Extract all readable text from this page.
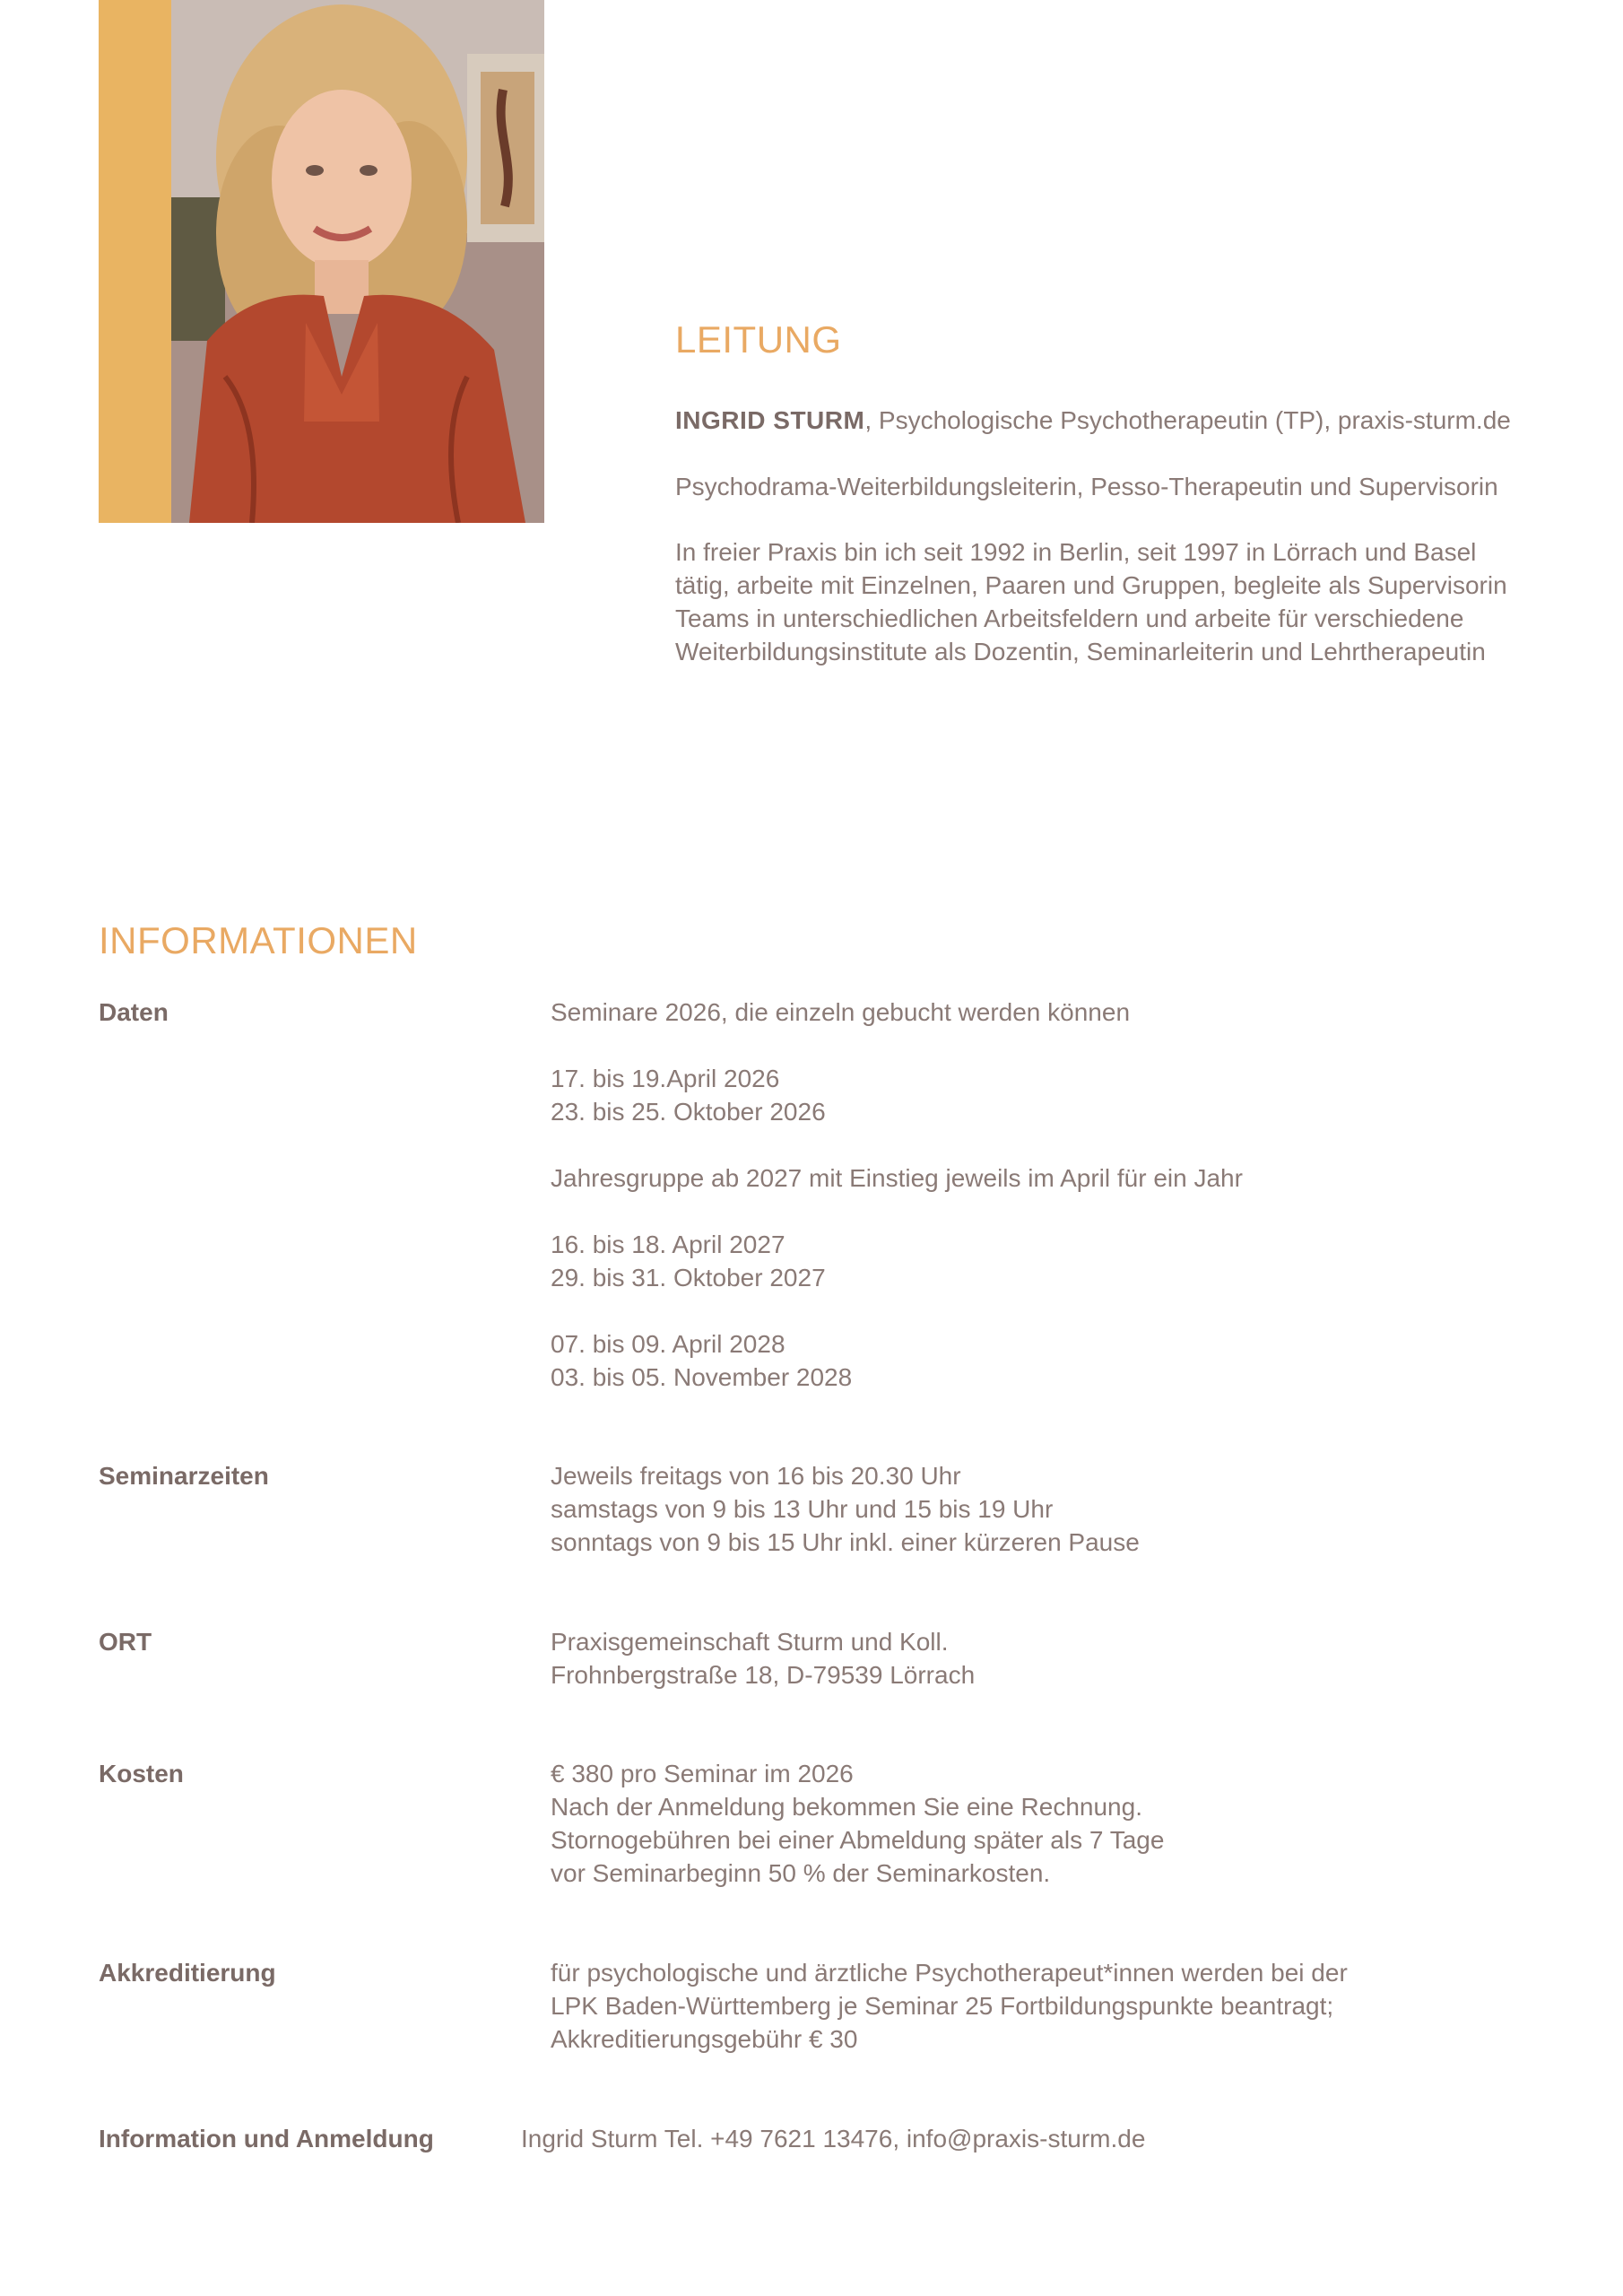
LEITUNG

INGRID STURM, Psychologische Psychotherapeutin (TP), praxis-sturm.de

Psychodrama-Weiterbildungsleiterin, Pesso-Therapeutin und Supervisorin

In freier Praxis bin ich seit 1992 in Berlin, seit 1997 in Lörrach und Basel
tätig, arbeite mit Einzelnen, Paaren und Gruppen, begleite als Supervisorin
Teams in unterschiedlichen Arbeitsfeldern und arbeite für verschiedene
Weiterbildungsinstitute als Dozentin, Seminarleiterin und Lehrtherapeutin
INFORMATIONEN
Daten	Seminare 2026, die einzeln gebucht werden können
17. bis 19.April 2026
23. bis 25. Oktober 2026
Jahresgruppe ab 2027 mit Einstieg jeweils im April für ein Jahr
16. bis 18. April 2027
29. bis 31. Oktober 2027
07. bis 09. April 2028
03. bis 05. November 2028
Seminarzeiten	Jeweils freitags von 16 bis 20.30 Uhr
samstags von 9 bis 13 Uhr und 15 bis 19 Uhr
sonntags von 9 bis 15 Uhr inkl. einer kürzeren Pause
ORT	Praxisgemeinschaft Sturm und Koll.
Frohnbergstraße 18, D-79539 Lörrach
Kosten	€ 380 pro Seminar im 2026
Nach der Anmeldung bekommen Sie eine Rechnung.
Stornogebühren bei einer Abmeldung später als 7 Tage
vor Seminarbeginn 50 % der Seminarkosten.
Akkreditierung	für psychologische und ärztliche Psychotherapeut*innen werden bei der
LPK Baden-Württemberg je Seminar 25 Fortbildungspunkte beantragt;
Akkreditierungsgebühr € 30
Information und Anmeldung	Ingrid Sturm Tel. +49 7621 13476, info@praxis-sturm.de
